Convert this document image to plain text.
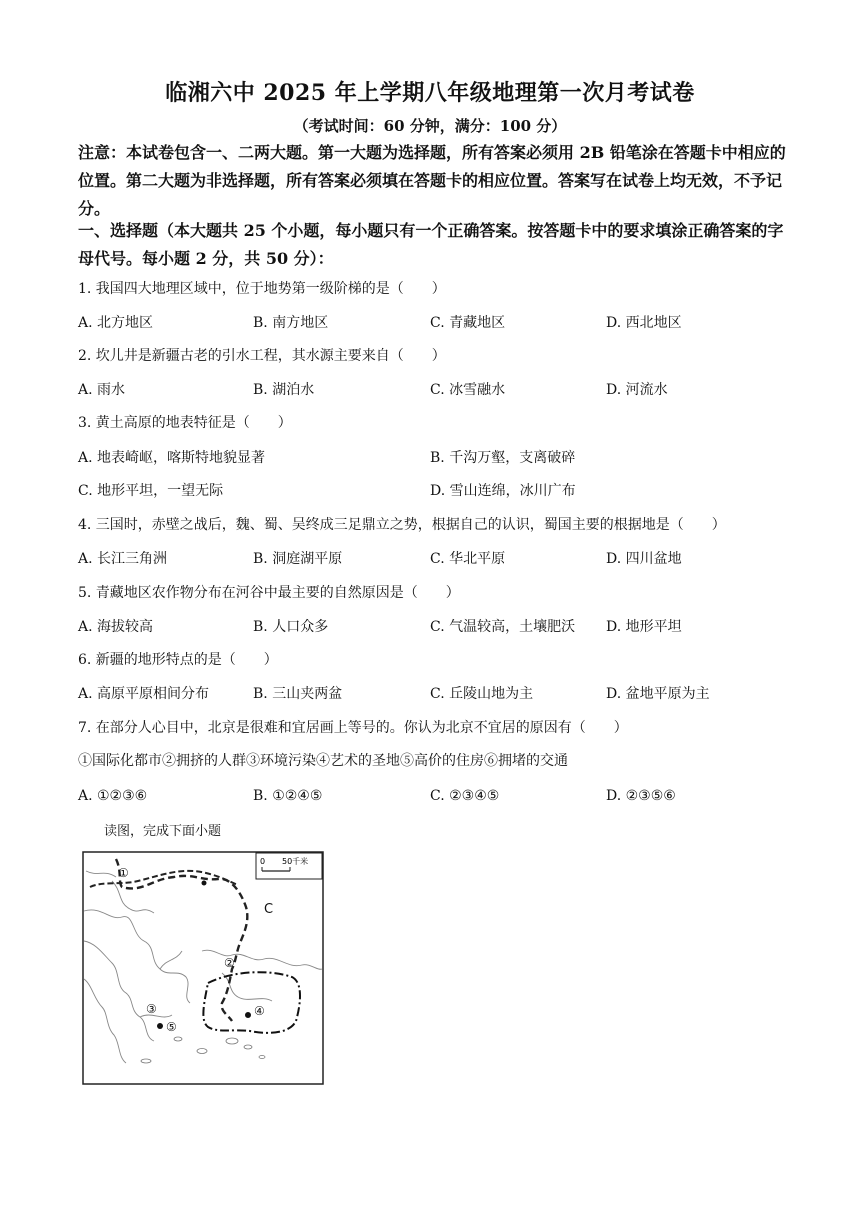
临湘六中 2025 年上学期八年级地理第一次月考试卷
（考试时间：60 分钟，满分：100 分）
注意：本试卷包含一、二两大题。第一大题为选择题，所有答案必须用 2B 铅笔涂在答题卡中相应的位置。第二大题为非选择题，所有答案必须填在答题卡的相应位置。答案写在试卷上均无效，不予记分。
一、选择题（本大题共 25 个小题，每小题只有一个正确答案。按答题卡中的要求填涂正确答案的字母代号。每小题 2 分，共 50 分）：
1. 我国四大地理区域中，位于地势第一级阶梯的是（　　）
A. 北方地区	B. 南方地区	C. 青藏地区	D. 西北地区
2. 坎儿井是新疆古老的引水工程，其水源主要来自（　　）
A. 雨水	B. 湖泊水	C. 冰雪融水	D. 河流水
3. 黄土高原的地表特征是（　　）
A. 地表崎岖，喀斯特地貌显著	B. 千沟万壑，支离破碎
C. 地形平坦，一望无际	D. 雪山连绵，冰川广布
4. 三国时，赤壁之战后，魏、蜀、吴终成三足鼎立之势，根据自己的认识，蜀国主要的根据地是（　　）
A. 长江三角洲	B. 洞庭湖平原	C. 华北平原	D. 四川盆地
5. 青藏地区农作物分布在河谷中最主要的自然原因是（　　）
A. 海拔较高	B. 人口众多	C. 气温较高，土壤肥沃 D. 地形平坦
6. 新疆的地形特点的是（　　）
A. 高原平原相间分布	B. 三山夹两盆	C. 丘陵山地为主	D. 盆地平原为主
7. 在部分人心目中，北京是很难和宜居画上等号的。你认为北京不宜居的原因有（　　）
①国际化都市②拥挤的人群③环境污染④艺术的圣地⑤高价的住房⑥拥堵的交通
A. ①②③⑥	B. ①②④⑤	C. ②③④⑤	D. ②③⑤⑥
读图，完成下面小题
0 50千米
①
②
③	④
⑤
C
